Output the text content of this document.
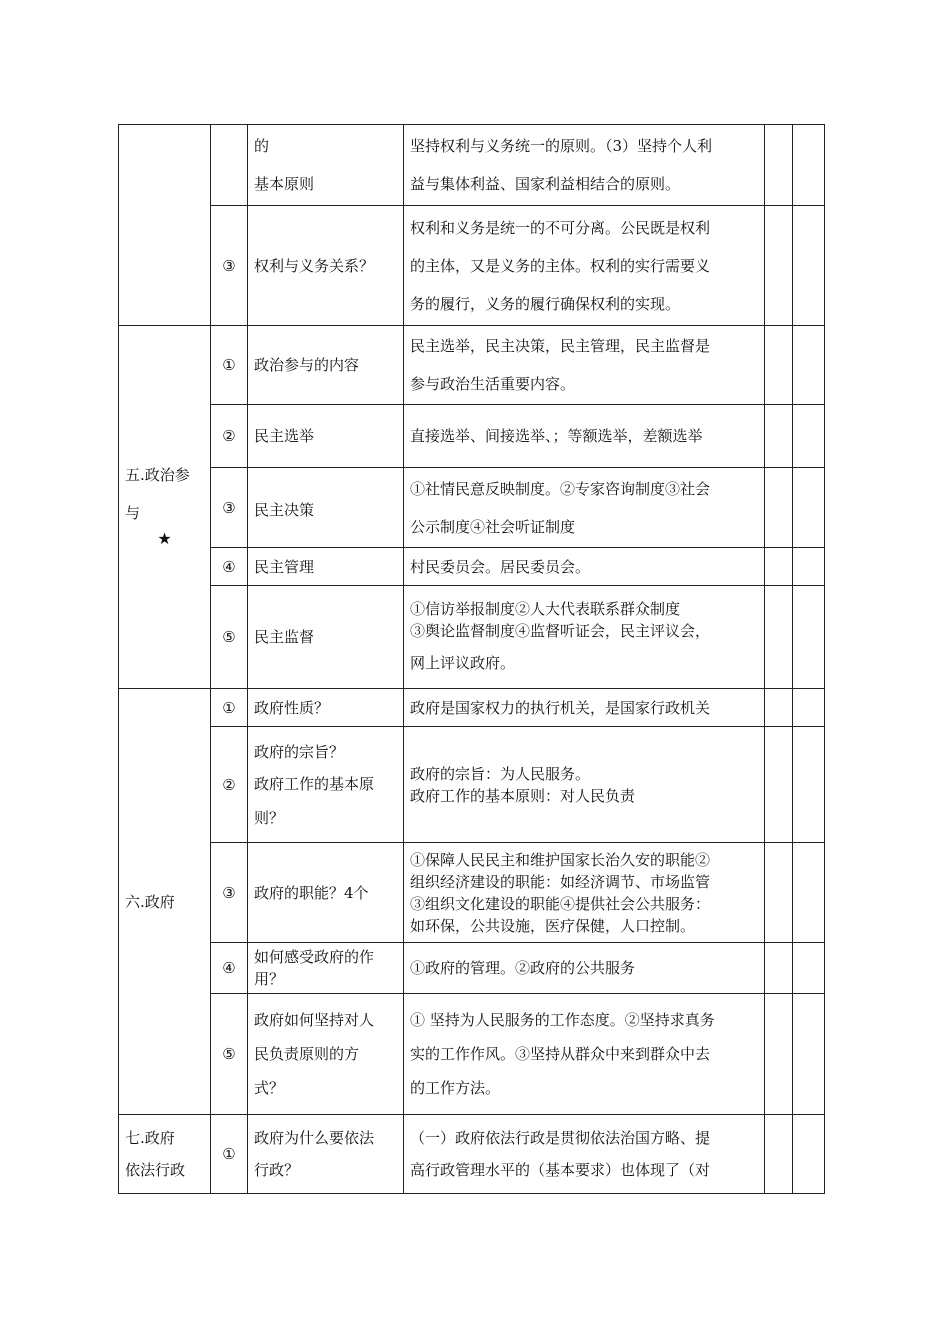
		的
基本原则	坚持权利与义务统一的原则。（3）坚持个人利
益与集体利益、国家利益相结合的原则。		

	③	权利与义务关系？	权利和义务是统一的不可分离。公民既是权利
的主体，又是义务的主体。权利的实行需要义
务的履行，义务的履行确保权利的实现。		

五.政治参
与
★	①	政治参与的内容	民主选举，民主决策，民主管理，民主监督是
参与政治生活重要内容。		

	②	民主选举	直接选举、间接选举、；等额选举，差额选举		
	③	民主决策	①社情民意反映制度。②专家咨询制度③社会
公示制度④社会听证制度		

	④	民主管理	村民委员会。居民委员会。		
	⑤	民主监督	①信访举报制度②人大代表联系群众制度
③舆论监督制度④监督听证会，民主评议会，
网上评议政府。		

六.政府	①	政府性质？	政府是国家权力的执行机关，是国家行政机关		
	②	政府的宗旨？
政府工作的基本原
则？	政府的宗旨：为人民服务。
政府工作的基本原则：对人民负责		

	③	政府的职能？4个	①保障人民民主和维护国家长治久安的职能②
组织经济建设的职能：如经济调节、市场监管
③组织文化建设的职能④提供社会公共服务：
如环保，公共设施，医疗保健，人口控制。		

	④	如何感受政府的作
用？	①政府的管理。②政府的公共服务		
	⑤	政府如何坚持对人
民负责原则的方
式？	① 坚持为人民服务的工作态度。②坚持求真务
实的工作作风。③坚持从群众中来到群众中去
的工作方法。		

七.政府
依法行政	①	政府为什么要依法
行政？	（一）政府依法行政是贯彻依法治国方略、提
高行政管理水平的（基本要求）也体现了（对		
